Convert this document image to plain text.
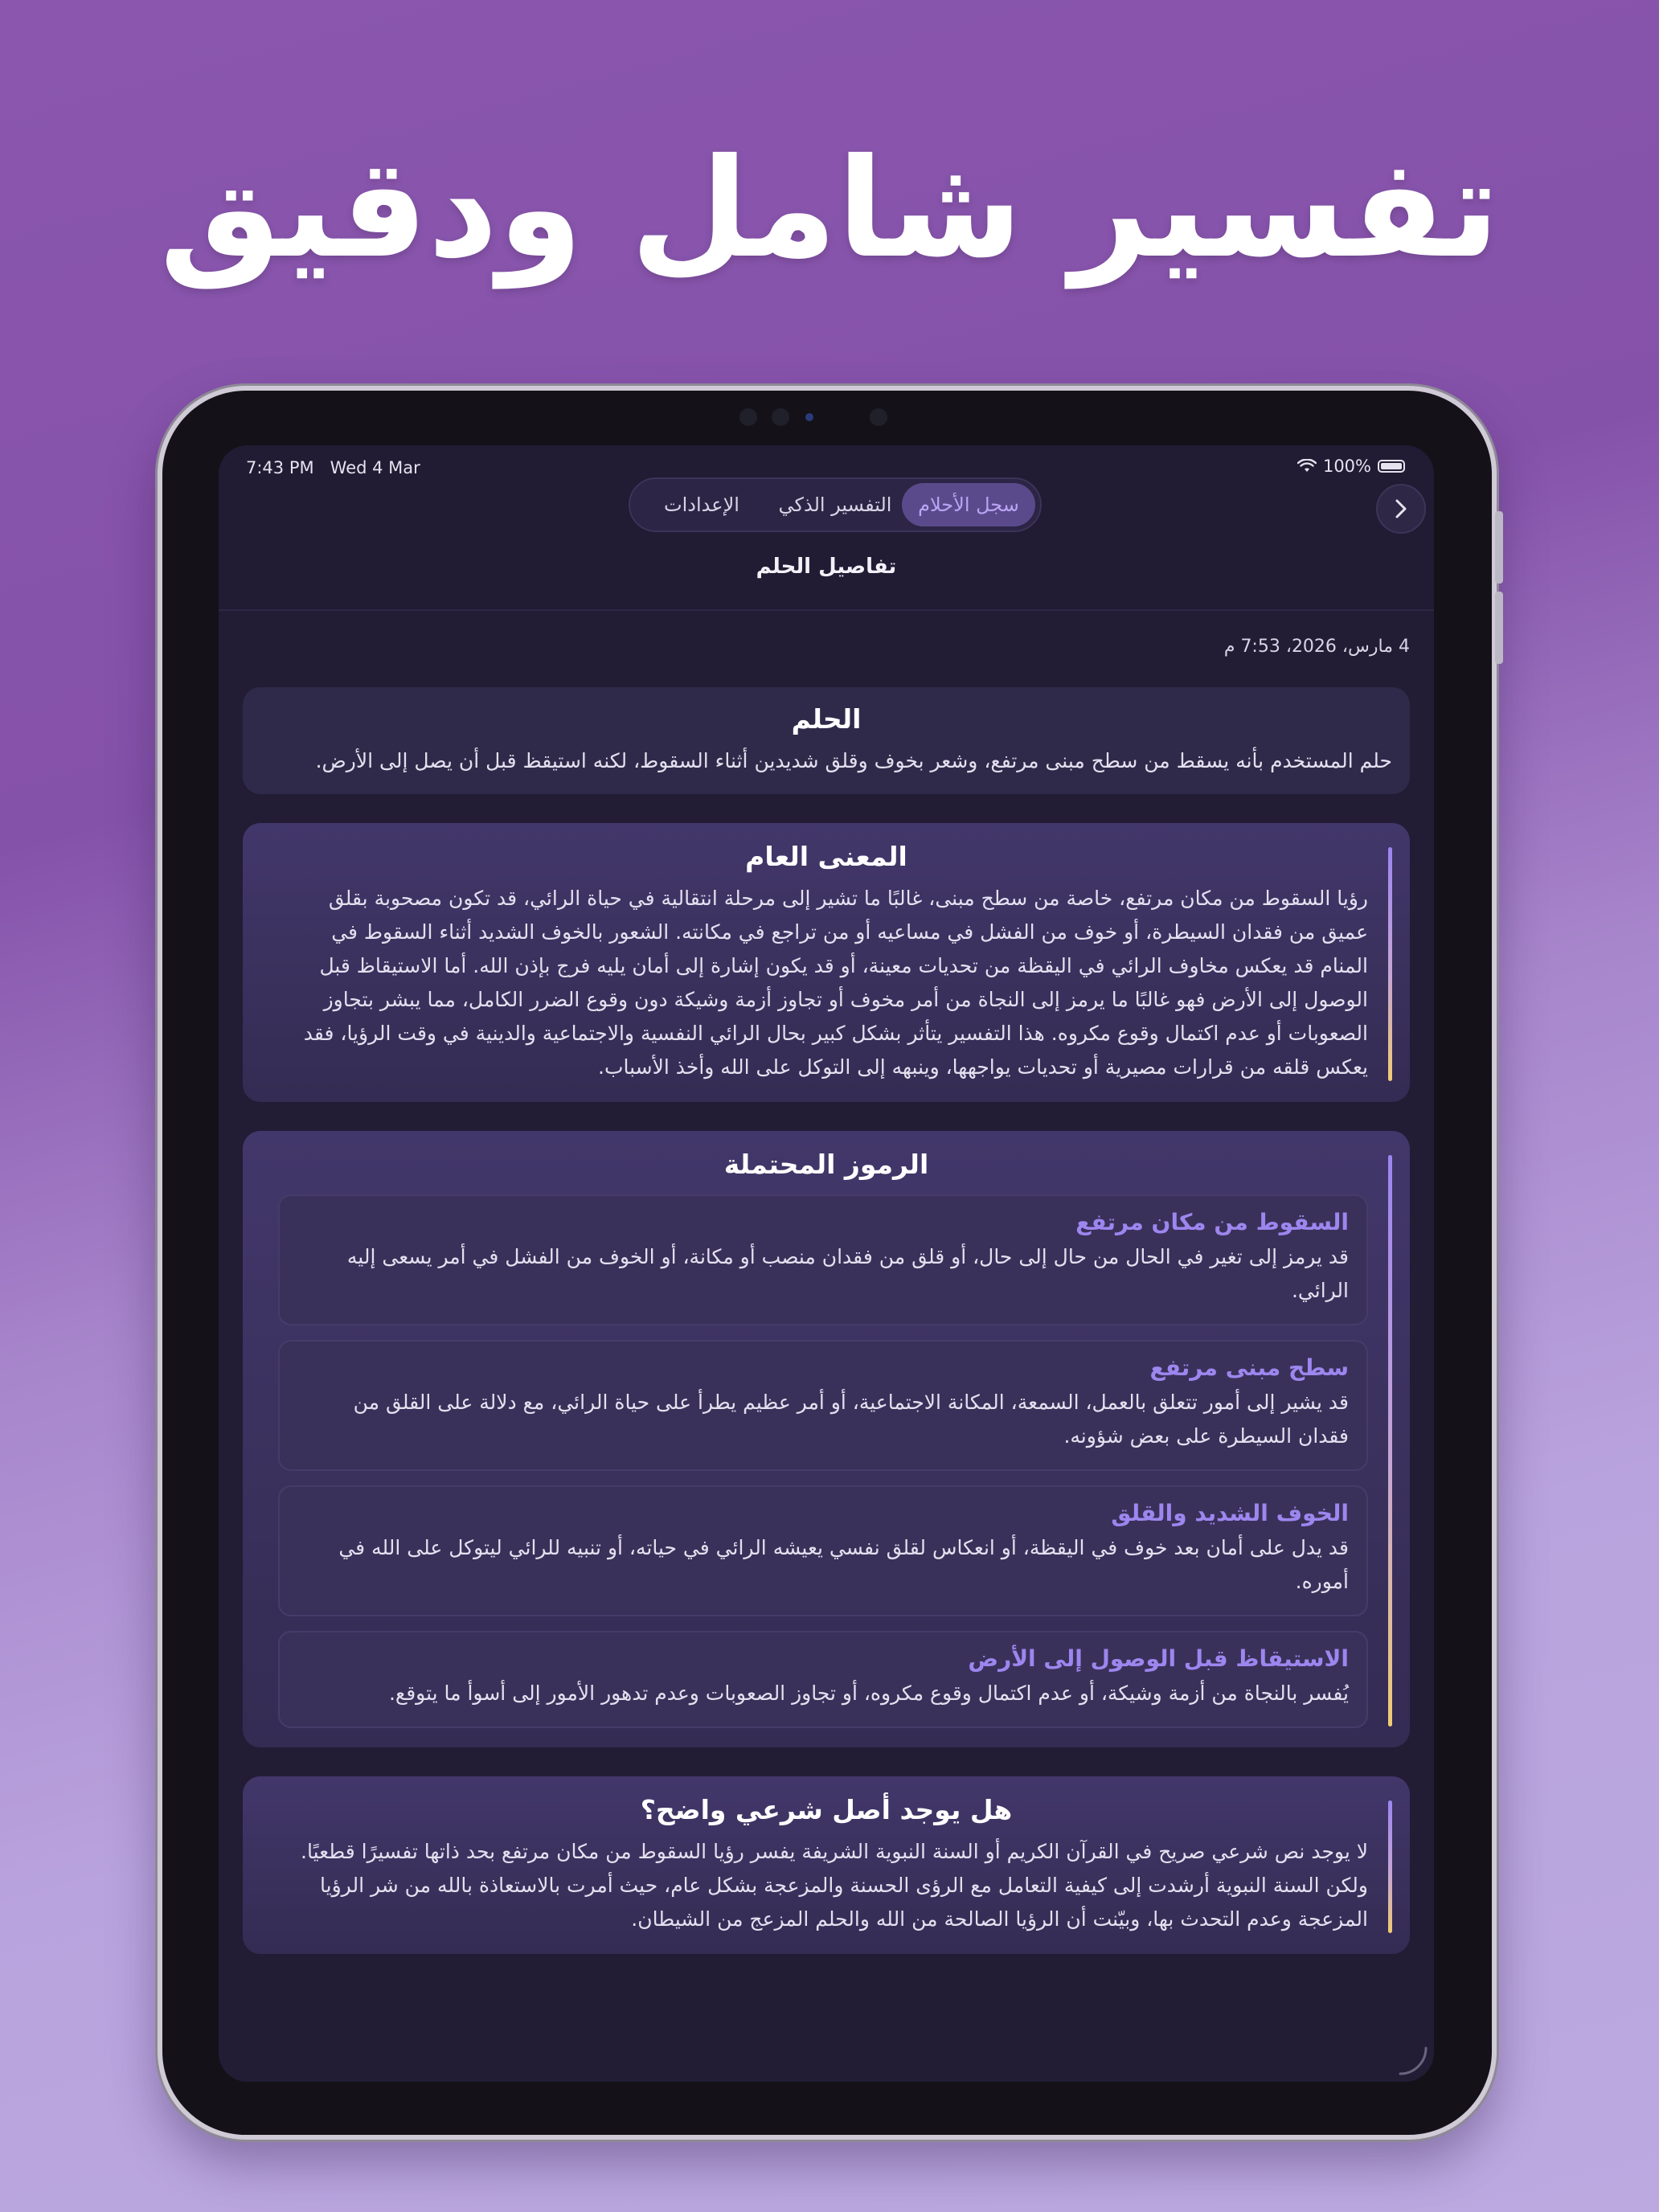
تفسير شامل ودقيق
7:43 PM Wed 4 Mar	100%
سجل الأحلام
التفسير الذكي
الإعدادات
تفاصيل الحلم
4 مارس، 2026، 7:53 م
الحلم
حلم المستخدم بأنه يسقط من سطح مبنى مرتفع، وشعر بخوف وقلق شديدين أثناء السقوط، لكنه استيقظ قبل أن يصل إلى الأرض.
المعنى العام
رؤيا السقوط من مكان مرتفع، خاصة من سطح مبنى، غالبًا ما تشير إلى مرحلة انتقالية في حياة الرائي، قد تكون مصحوبة بقلق عميق من فقدان السيطرة، أو خوف من الفشل في مساعيه أو من تراجع في مكانته. الشعور بالخوف الشديد أثناء السقوط في المنام قد يعكس مخاوف الرائي في اليقظة من تحديات معينة، أو قد يكون إشارة إلى أمان يليه فرج بإذن الله. أما الاستيقاظ قبل الوصول إلى الأرض فهو غالبًا ما يرمز إلى النجاة من أمر مخوف أو تجاوز أزمة وشيكة دون وقوع الضرر الكامل، مما يبشر بتجاوز الصعوبات أو عدم اكتمال وقوع مكروه. هذا التفسير يتأثر بشكل كبير بحال الرائي النفسية والاجتماعية والدينية في وقت الرؤيا، فقد يعكس قلقه من قرارات مصيرية أو تحديات يواجهها، وينبهه إلى التوكل على الله وأخذ الأسباب.
الرموز المحتملة
السقوط من مكان مرتفع
قد يرمز إلى تغير في الحال من حال إلى حال، أو قلق من فقدان منصب أو مكانة، أو الخوف من الفشل في أمر يسعى إليه الرائي.
سطح مبنى مرتفع
قد يشير إلى أمور تتعلق بالعمل، السمعة، المكانة الاجتماعية، أو أمر عظيم يطرأ على حياة الرائي، مع دلالة على القلق من فقدان السيطرة على بعض شؤونه.
الخوف الشديد والقلق
قد يدل على أمان بعد خوف في اليقظة، أو انعكاس لقلق نفسي يعيشه الرائي في حياته، أو تنبيه للرائي ليتوكل على الله في أموره.
الاستيقاظ قبل الوصول إلى الأرض
يُفسر بالنجاة من أزمة وشيكة، أو عدم اكتمال وقوع مكروه، أو تجاوز الصعوبات وعدم تدهور الأمور إلى أسوأ ما يتوقع.
هل يوجد أصل شرعي واضح؟
لا يوجد نص شرعي صريح في القرآن الكريم أو السنة النبوية الشريفة يفسر رؤيا السقوط من مكان مرتفع بحد ذاتها تفسيرًا قطعيًا. ولكن السنة النبوية أرشدت إلى كيفية التعامل مع الرؤى الحسنة والمزعجة بشكل عام، حيث أمرت بالاستعاذة بالله من شر الرؤيا المزعجة وعدم التحدث بها، وبيّنت أن الرؤيا الصالحة من الله والحلم المزعج من الشيطان.
